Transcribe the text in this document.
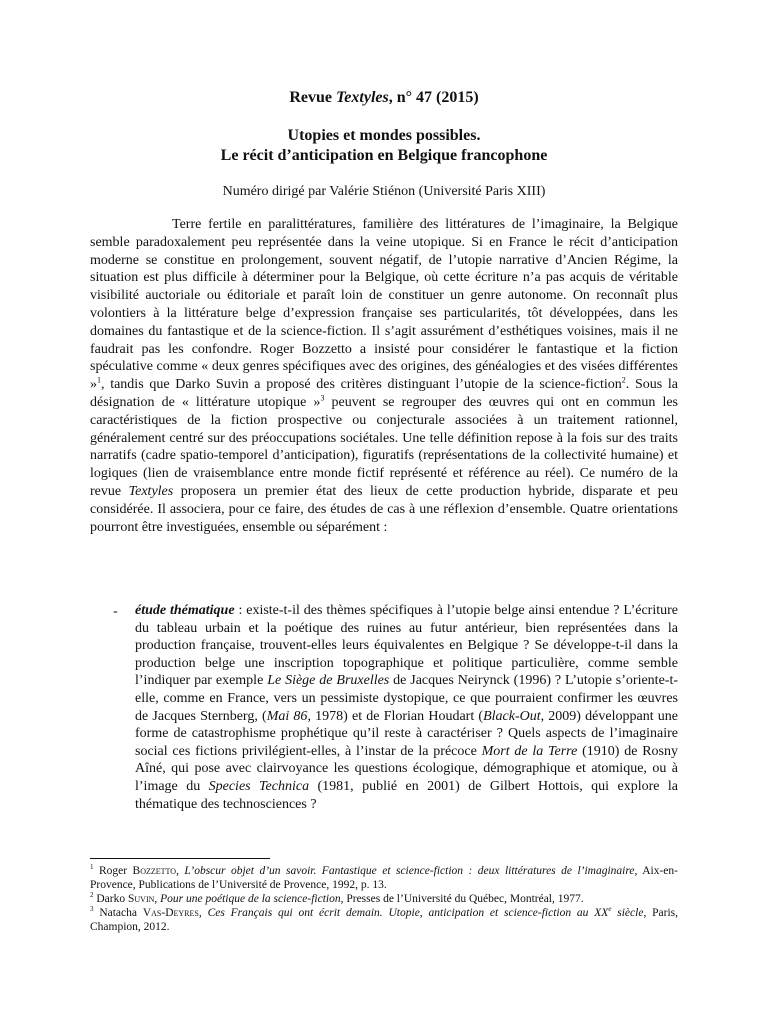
Revue Textyles, n° 47 (2015)
Utopies et mondes possibles.
Le récit d’anticipation en Belgique francophone
Numéro dirigé par Valérie Stiénon (Université Paris XIII)

Terre fertile en paralittératures, familière des littératures de l’imaginaire, la Belgique semble paradoxalement peu représentée dans la veine utopique. Si en France le récit d’anticipation moderne se constitue en prolongement, souvent négatif, de l’utopie narrative d’Ancien Régime, la situation est plus difficile à déterminer pour la Belgique, où cette écriture n’a pas acquis de véritable visibilité auctoriale ou éditoriale et paraît loin de constituer un genre autonome. On reconnaît plus volontiers à la littérature belge d’expression française ses particularités, tôt développées, dans les domaines du fantastique et de la science-fiction. Il s’agit assurément d’esthétiques voisines, mais il ne faudrait pas les confondre. Roger Bozzetto a insisté pour considérer le fantastique et la fiction spéculative comme « deux genres spécifiques avec des origines, des généalogies et des visées différentes »$^1$, tandis que Darko Suvin a proposé des critères distinguant l’utopie de la science-fiction$^2$. Sous la désignation de « littérature utopique »$^3$ peuvent se regrouper des œuvres qui ont en commun les caractéristiques de la fiction prospective ou conjecturale associées à un traitement rationnel, généralement centré sur des préoccupations sociétales. Une telle définition repose à la fois sur des traits narratifs (cadre spatio-temporel d’anticipation), figuratifs (représentations de la collectivité humaine) et logiques (lien de vraisemblance entre monde fictif représenté et référence au réel). Ce numéro de la revue Textyles proposera un premier état des lieux de cette production hybride, disparate et peu considérée. Il associera, pour ce faire, des études de cas à une réflexion d’ensemble. Quatre orientations pourront être investiguées, ensemble ou séparément :

- étude thématique : existe-t-il des thèmes spécifiques à l’utopie belge ainsi entendue ? L’écriture du tableau urbain et la poétique des ruines au futur antérieur, bien représentées dans la production française, trouvent-elles leurs équivalentes en Belgique ? Se développe-t-il dans la production belge une inscription topographique et politique particulière, comme semble l’indiquer par exemple Le Siège de Bruxelles de Jacques Neirynck (1996) ? L’utopie s’oriente-t-elle, comme en France, vers un pessimiste dystopique, ce que pourraient confirmer les œuvres de Jacques Sternberg, (Mai 86, 1978) et de Florian Houdart (Black-Out, 2009) développant une forme de catastrophisme prophétique qu’il reste à caractériser ? Quels aspects de l’imaginaire social ces fictions privilégient-elles, à l’instar de la précoce Mort de la Terre (1910) de Rosny Aîné, qui pose avec clairvoyance les questions écologique, démographique et atomique, ou à l’image du Species Technica (1981, publié en 2001) de Gilbert Hottois, qui explore la thématique des technosciences ?

$^1$ Roger Bozzetto, L’obscur objet d’un savoir. Fantastique et science-fiction : deux littératures de l’imaginaire, Aix-en-Provence, Publications de l’Université de Provence, 1992, p. 13.

$^2$ Darko Suvin, Pour une poétique de la science-fiction, Presses de l’Université du Québec, Montréal, 1977.

$^3$ Natacha Vas-Deyres, Ces Français qui ont écrit demain. Utopie, anticipation et science-fiction au XXe siècle, Paris, Champion, 2012.
